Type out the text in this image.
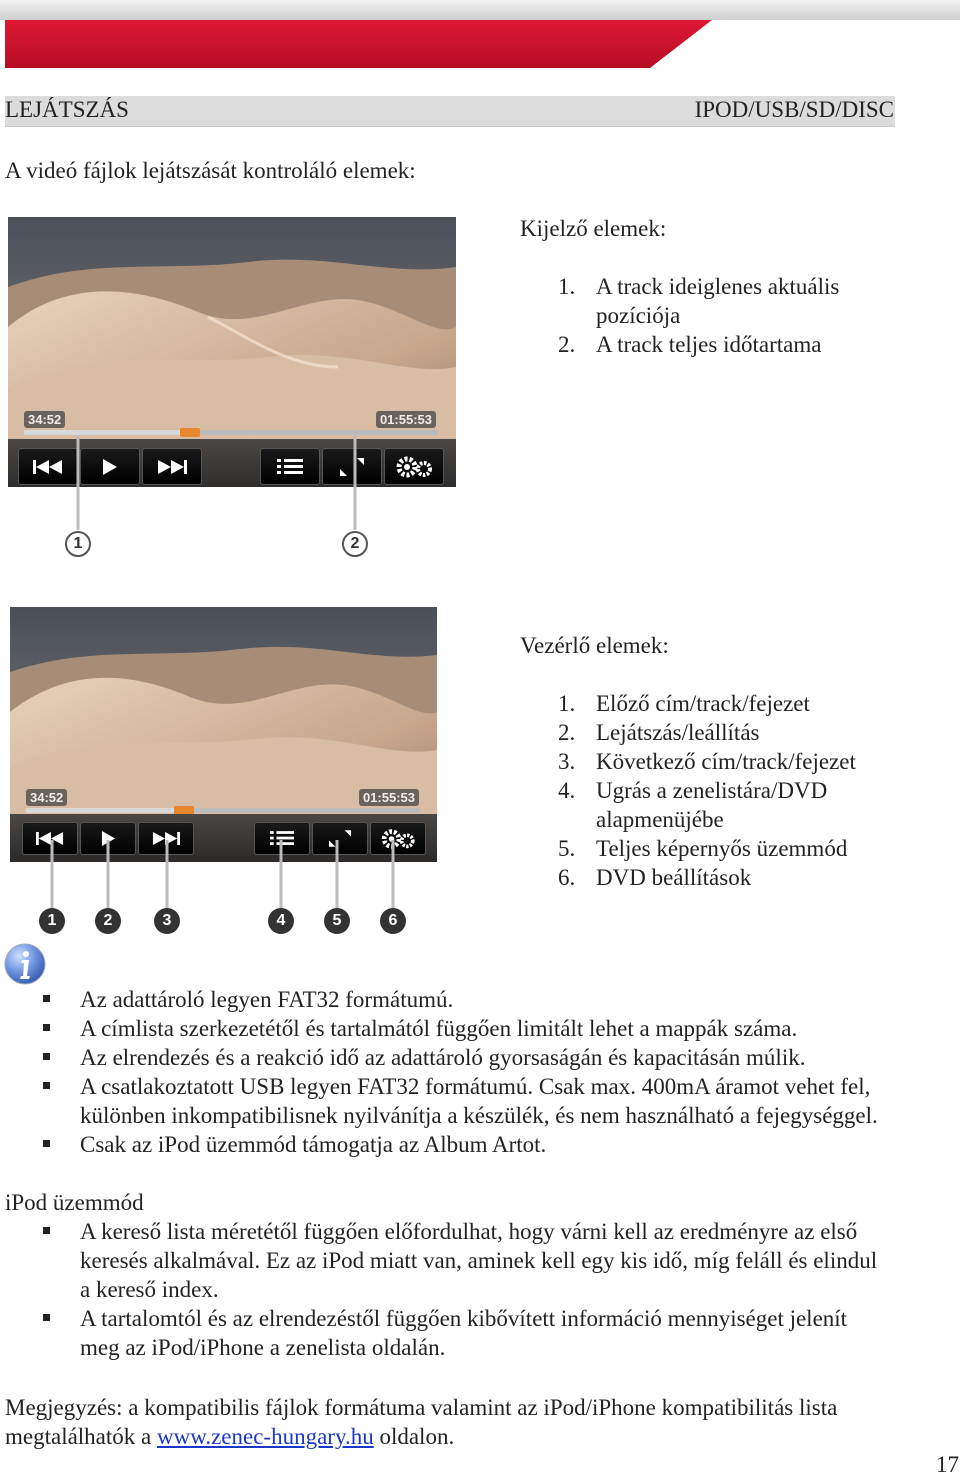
LEJÁTSZÁS	IPOD/USB/SD/DISC
A videó fájlok lejátszását kontroláló elemek:
34:52	01:55:53
1	2
Kijelző elemek:
1. A track ideiglenes aktuális
pozíciója
2. A track teljes időtartama
34:52	01:55:53
1	2	3	4	5	6
Vezérlő elemek:
1. Előző cím/track/fejezet
2. Lejátszás/leállítás
3. Következő cím/track/fejezet
4. Ugrás a zenelistára/DVD
alapmenüjébe
5. Teljes képernyős üzemmód
6. DVD beállítások
Az adattároló legyen FAT32 formátumú.
A címlista szerkezetétől és tartalmától függően limitált lehet a mappák száma.
Az elrendezés és a reakció idő az adattároló gyorsaságán és kapacitásán múlik.
A csatlakoztatott USB legyen FAT32 formátumú. Csak max. 400mA áramot vehet fel,
különben inkompatibilisnek nyilvánítja a készülék, és nem használható a fejegységgel.
Csak az iPod üzemmód támogatja az Album Artot.
iPod üzemmód
A kereső lista méretétől függően előfordulhat, hogy várni kell az eredményre az első
keresés alkalmával. Ez az iPod miatt van, aminek kell egy kis idő, míg feláll és elindul
a kereső index.
A tartalomtól és az elrendezéstől függően kibővített információ mennyiséget jelenít
meg az iPod/iPhone a zenelista oldalán.
Megjegyzés: a kompatibilis fájlok formátuma valamint az iPod/iPhone kompatibilitás lista
megtalálhatók a www.zenec-hungary.hu oldalon.
17
